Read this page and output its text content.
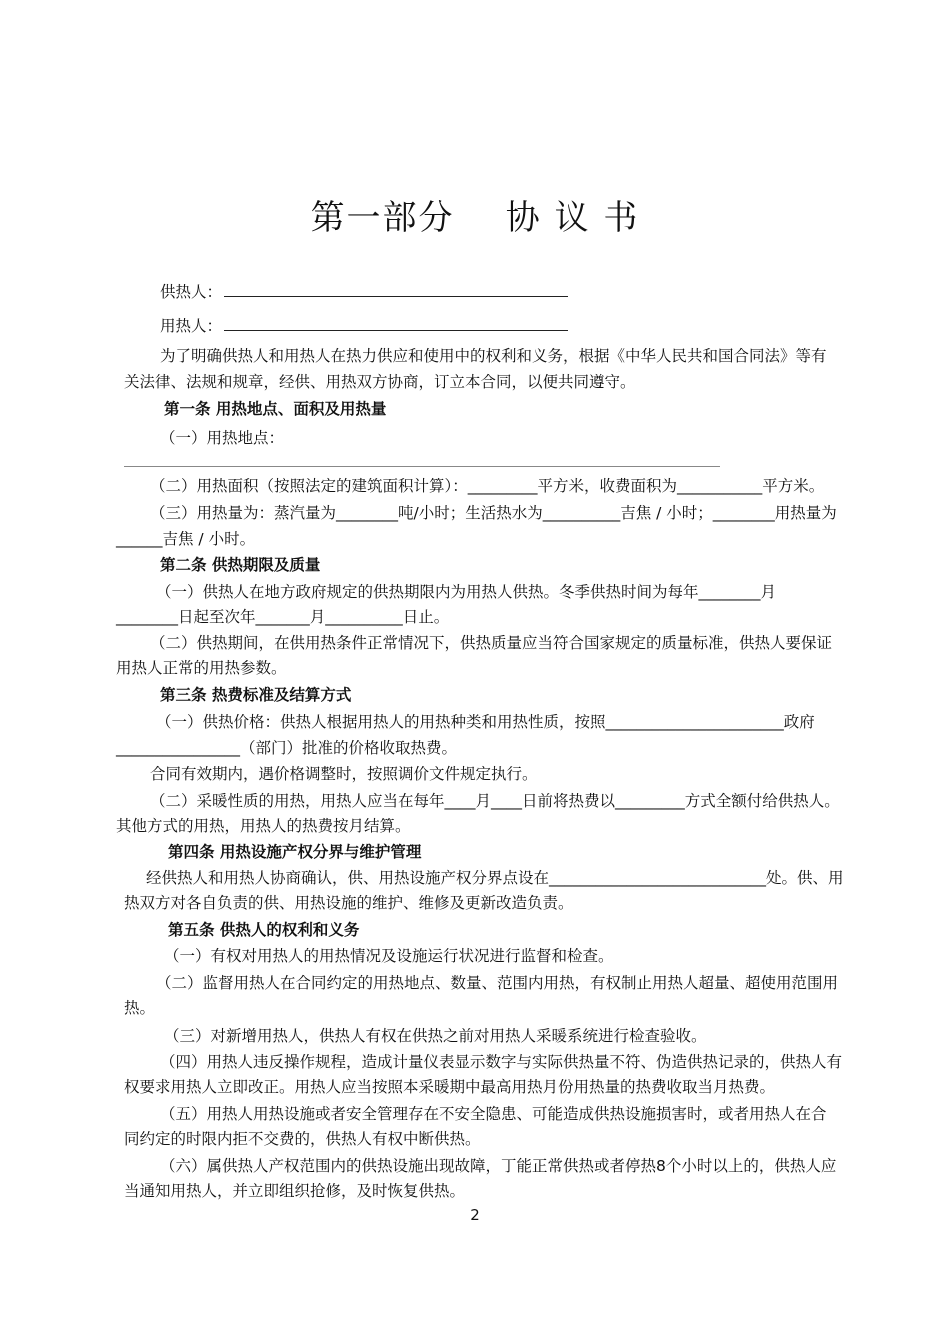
第一部分    协 议 书
供热人：
用热人：
为了明确供热人和用热人在热力供应和使用中的权利和义务，根据《中华人民共和国合同法》等有
关法律、法规和规章，经供、用热双方协商，订立本合同，以便共同遵守。
第一条 用热地点、面积及用热量
（一）用热地点：
（二）用热面积（按照法定的建筑面积计算）：_________平方米，收费面积为___________平方米。
（三）用热量为：蒸汽量为________吨/小时；生活热水为__________吉焦 / 小时；________用热量为
______吉焦 / 小时。
第二条 供热期限及质量
（一）供热人在地方政府规定的供热期限内为用热人供热。冬季供热时间为每年________月
________日起至次年_______月__________日止。
（二）供热期间，在供用热条件正常情况下，供热质量应当符合国家规定的质量标准，供热人要保证
用热人正常的用热参数。
第三条 热费标准及结算方式
（一）供热价格：供热人根据用热人的用热种类和用热性质，按照_______________________政府
________________（部门）批准的价格收取热费。
合同有效期内，遇价格调整时，按照调价文件规定执行。
（二）采暖性质的用热，用热人应当在每年____月____日前将热费以_________方式全额付给供热人。
其他方式的用热，用热人的热费按月结算。
第四条 用热设施产权分界与维护管理
经供热人和用热人协商确认，供、用热设施产权分界点设在____________________________处。供、用
热双方对各自负责的供、用热设施的维护、维修及更新改造负责。
第五条 供热人的权利和义务
（一）有权对用热人的用热情况及设施运行状况进行监督和检查。
（二）监督用热人在合同约定的用热地点、数量、范围内用热，有权制止用热人超量、超使用范围用
热。
（三）对新增用热人，供热人有权在供热之前对用热人采暖系统进行检查验收。
（四）用热人违反操作规程，造成计量仪表显示数字与实际供热量不符、伪造供热记录的，供热人有
权要求用热人立即改正。用热人应当按照本采暖期中最高用热月份用热量的热费收取当月热费。
（五）用热人用热设施或者安全管理存在不安全隐患、可能造成供热设施损害时，或者用热人在合
同约定的时限内拒不交费的，供热人有权中断供热。
（六）属供热人产权范围内的供热设施出现故障，丁能正常供热或者停热8个小时以上的，供热人应
当通知用热人，并立即组织抢修，及时恢复供热。
2
